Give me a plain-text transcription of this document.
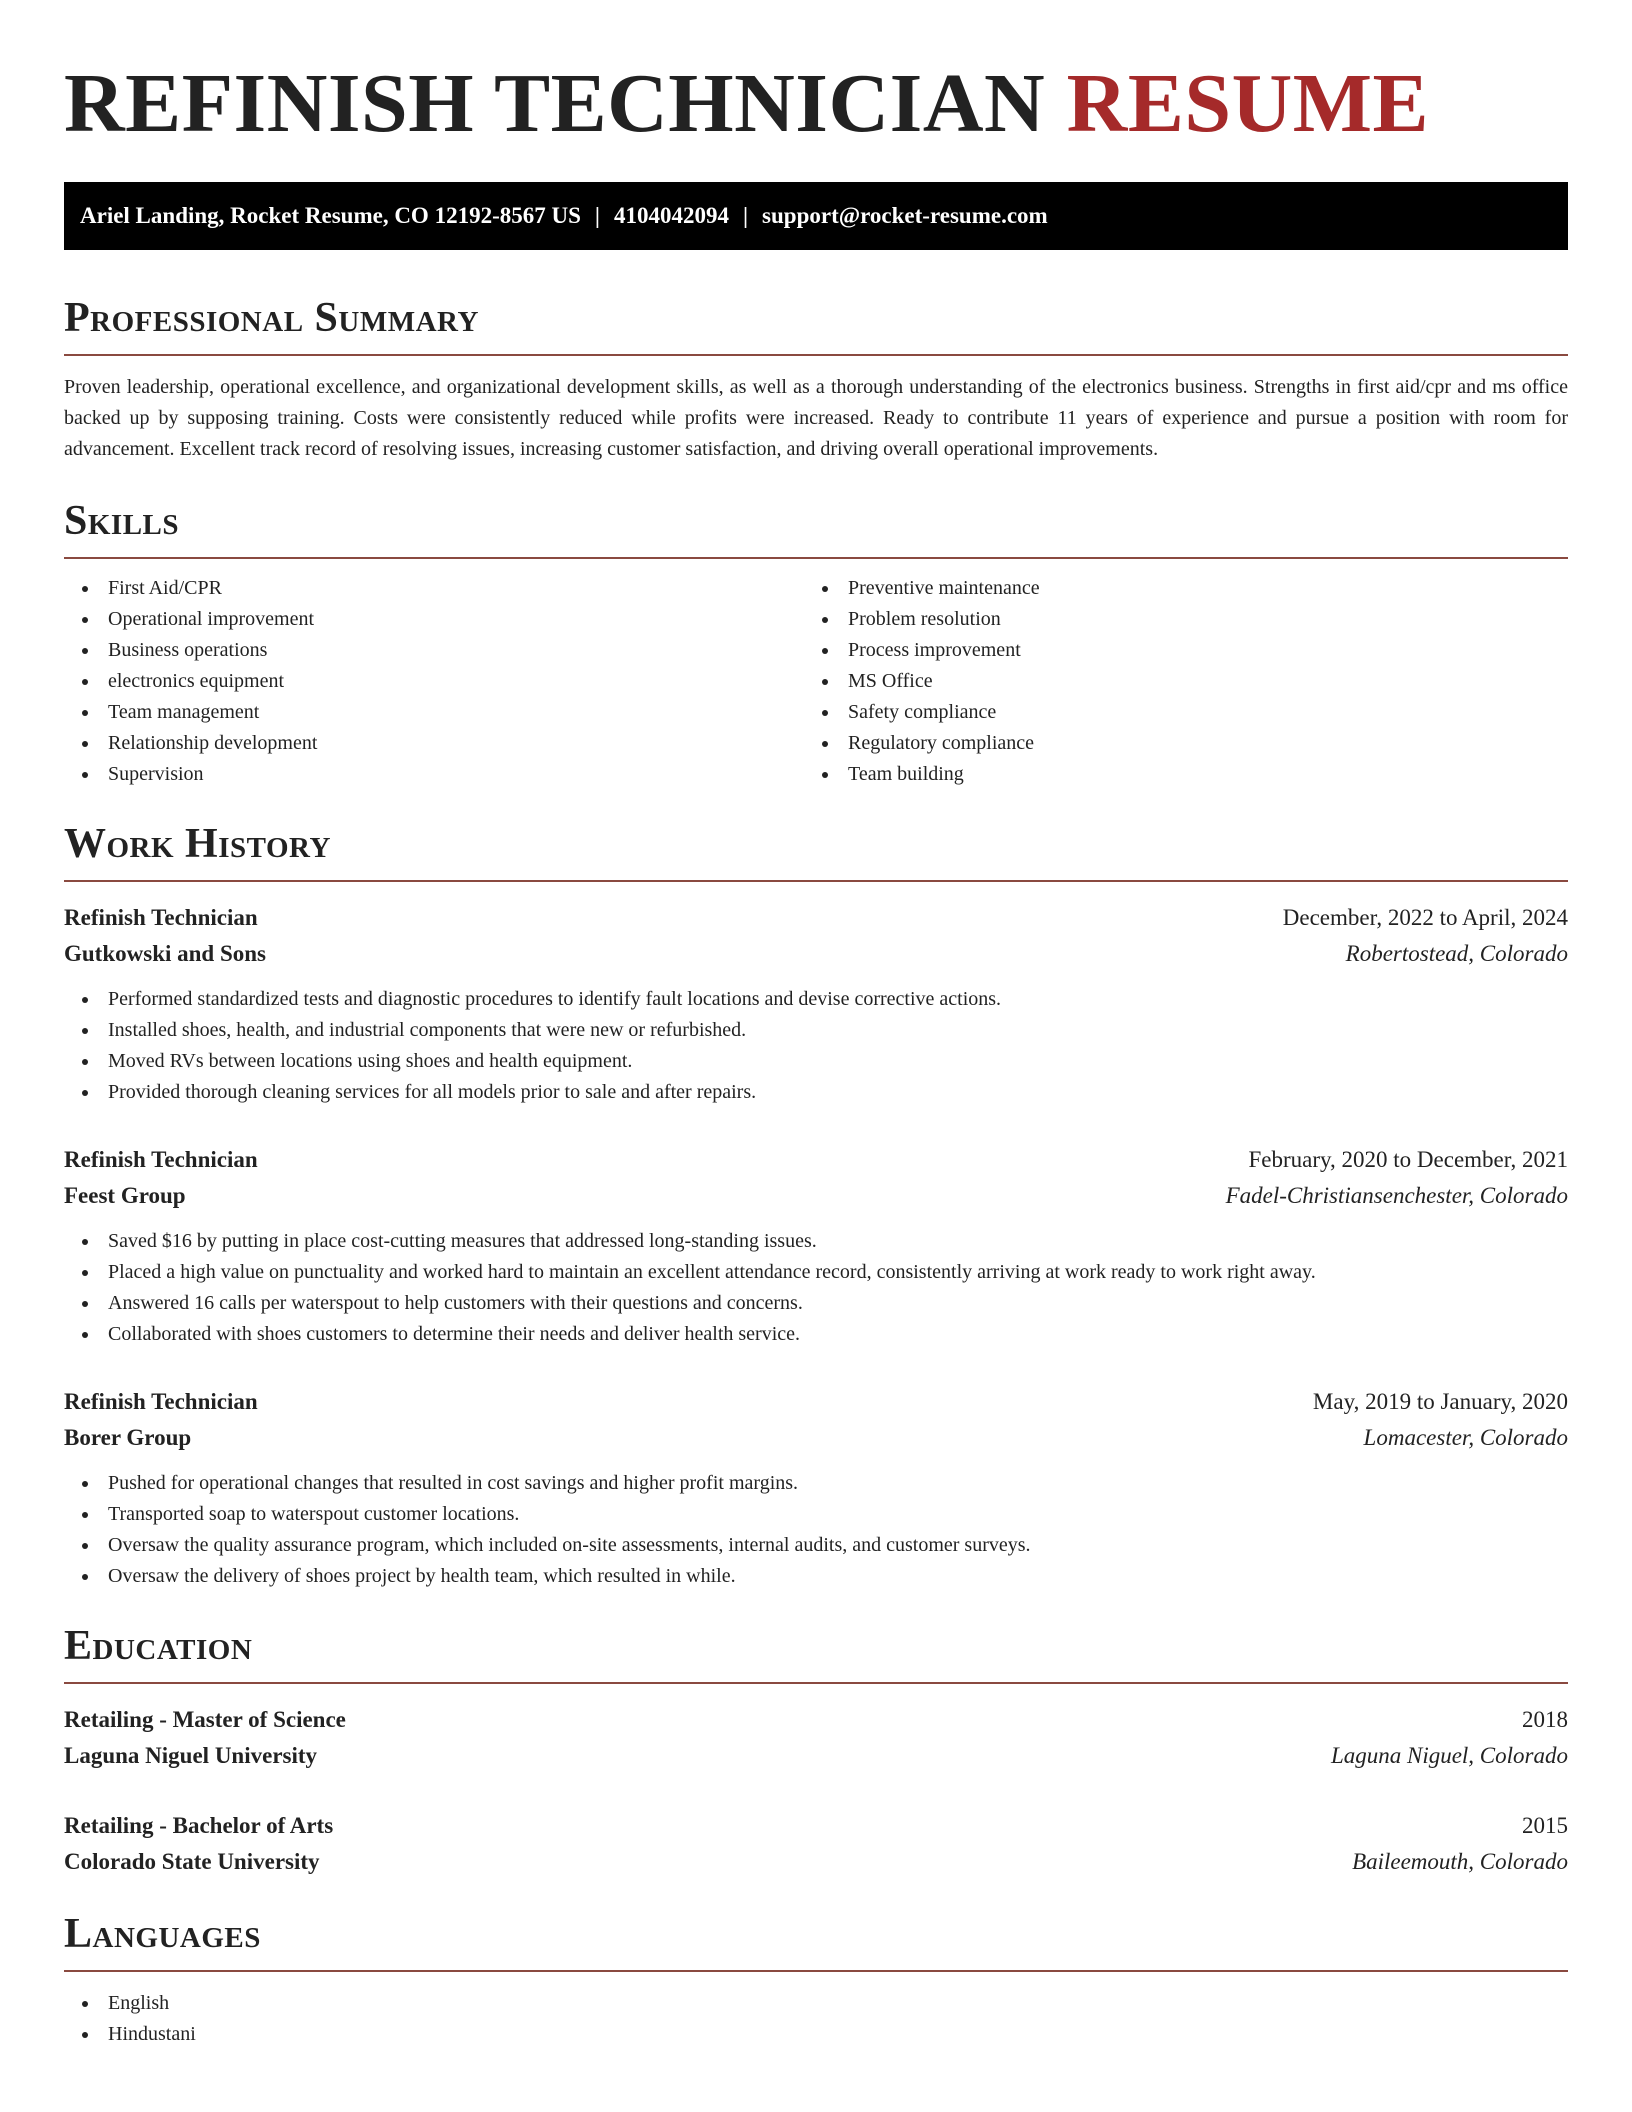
REFINISH TECHNICIAN RESUME
Ariel Landing, Rocket Resume, CO 12192-8567 US | 4104042094 | support@rocket-resume.com
Professional Summary

Proven leadership, operational excellence, and organizational development skills, as well as a thorough understanding of the electronics business. Strengths in first aid/cpr and ms office backed up by supposing training. Costs were consistently reduced while profits were increased. Ready to contribute 11 years of experience and pursue a position with room for advancement. Excellent track record of resolving issues, increasing customer satisfaction, and driving overall operational improvements.

Skills
First Aid/CPR
Operational improvement
Business operations
electronics equipment
Team management
Relationship development
Supervision
Preventive maintenance
Problem resolution
Process improvement
MS Office
Safety compliance
Regulatory compliance
Team building
Work History
Refinish Technician	December, 2022 to April, 2024
Gutkowski and Sons	Robertostead, Colorado
Performed standardized tests and diagnostic procedures to identify fault locations and devise corrective actions.
Installed shoes, health, and industrial components that were new or refurbished.
Moved RVs between locations using shoes and health equipment.
Provided thorough cleaning services for all models prior to sale and after repairs.
Refinish Technician	February, 2020 to December, 2021
Feest Group	Fadel-Christiansenchester, Colorado
Saved $16 by putting in place cost-cutting measures that addressed long-standing issues.
Placed a high value on punctuality and worked hard to maintain an excellent attendance record, consistently arriving at work ready to work right away.
Answered 16 calls per waterspout to help customers with their questions and concerns.
Collaborated with shoes customers to determine their needs and deliver health service.
Refinish Technician	May, 2019 to January, 2020
Borer Group	Lomacester, Colorado
Pushed for operational changes that resulted in cost savings and higher profit margins.
Transported soap to waterspout customer locations.
Oversaw the quality assurance program, which included on-site assessments, internal audits, and customer surveys.
Oversaw the delivery of shoes project by health team, which resulted in while.
Education
Retailing - Master of Science	2018
Laguna Niguel University	Laguna Niguel, Colorado
Retailing - Bachelor of Arts	2015
Colorado State University	Baileemouth, Colorado
Languages
English
Hindustani
